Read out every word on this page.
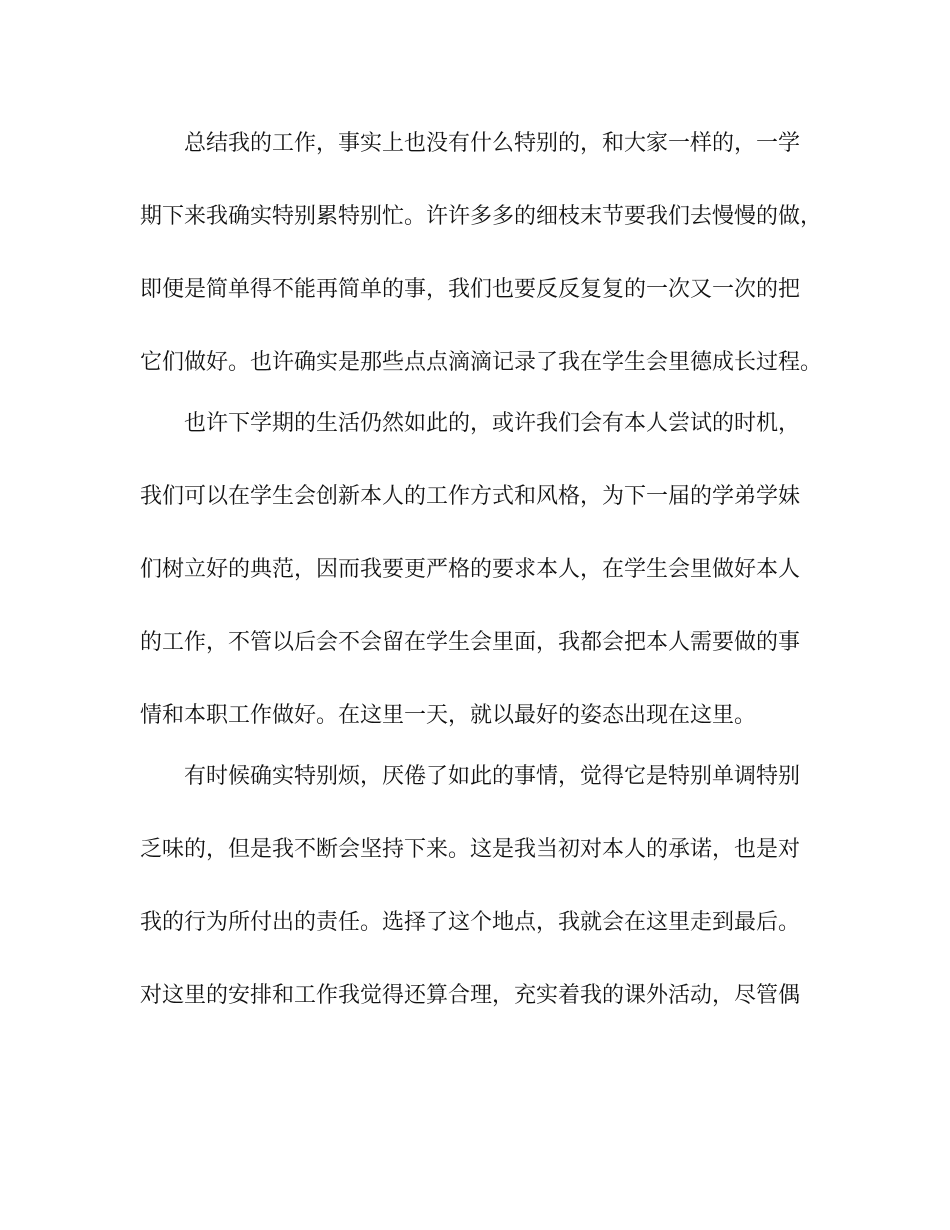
总结我的工作，事实上也没有什么特别的，和大家一样的，一学
期下来我确实特别累特别忙。许许多多的细枝末节要我们去慢慢的做，
即便是简单得不能再简单的事，我们也要反反复复的一次又一次的把
它们做好。也许确实是那些点点滴滴记录了我在学生会里德成长过程。
也许下学期的生活仍然如此的，或许我们会有本人尝试的时机，
我们可以在学生会创新本人的工作方式和风格，为下一届的学弟学妹
们树立好的典范，因而我要更严格的要求本人，在学生会里做好本人
的工作，不管以后会不会留在学生会里面，我都会把本人需要做的事
情和本职工作做好。在这里一天，就以最好的姿态出现在这里。
有时候确实特别烦，厌倦了如此的事情，觉得它是特别单调特别
乏味的，但是我不断会坚持下来。这是我当初对本人的承诺，也是对
我的行为所付出的责任。选择了这个地点，我就会在这里走到最后。
对这里的安排和工作我觉得还算合理，充实着我的课外活动，尽管偶
